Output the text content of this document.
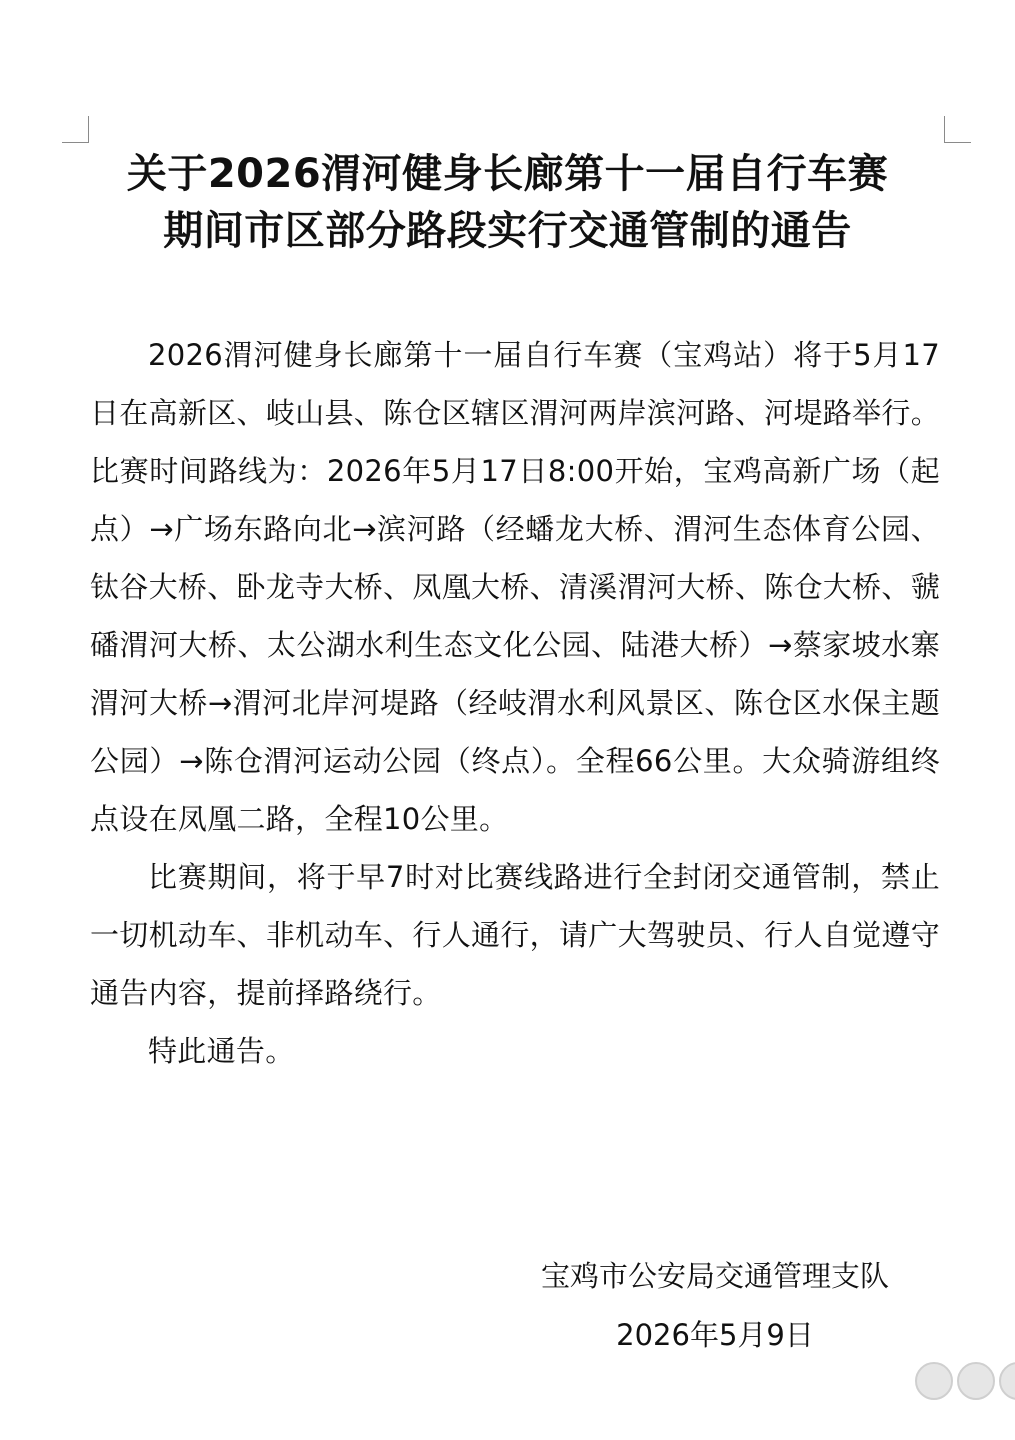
关于2026渭河健身长廊第十一届自行车赛
期间市区部分路段实行交通管制的通告

2026渭河健身长廊第十一届自行车赛（宝鸡站）将于5月17日在高新区、岐山县、陈仓区辖区渭河两岸滨河路、河堤路举行。比赛时间路线为：2026年5月17日8:00开始，宝鸡高新广场（起点）→广场东路向北→滨河路（经蟠龙大桥、渭河生态体育公园、钛谷大桥、卧龙寺大桥、凤凰大桥、清溪渭河大桥、陈仓大桥、虢磻渭河大桥、太公湖水利生态文化公园、陆港大桥）→蔡家坡水寨渭河大桥→渭河北岸河堤路（经岐渭水利风景区、陈仓区水保主题公园）→陈仓渭河运动公园（终点）。全程66公里。大众骑游组终点设在凤凰二路，全程10公里。

比赛期间，将于早7时对比赛线路进行全封闭交通管制，禁止一切机动车、非机动车、行人通行，请广大驾驶员、行人自觉遵守通告内容，提前择路绕行。

特此通告。

宝鸡市公安局交通管理支队
2026年5月9日
